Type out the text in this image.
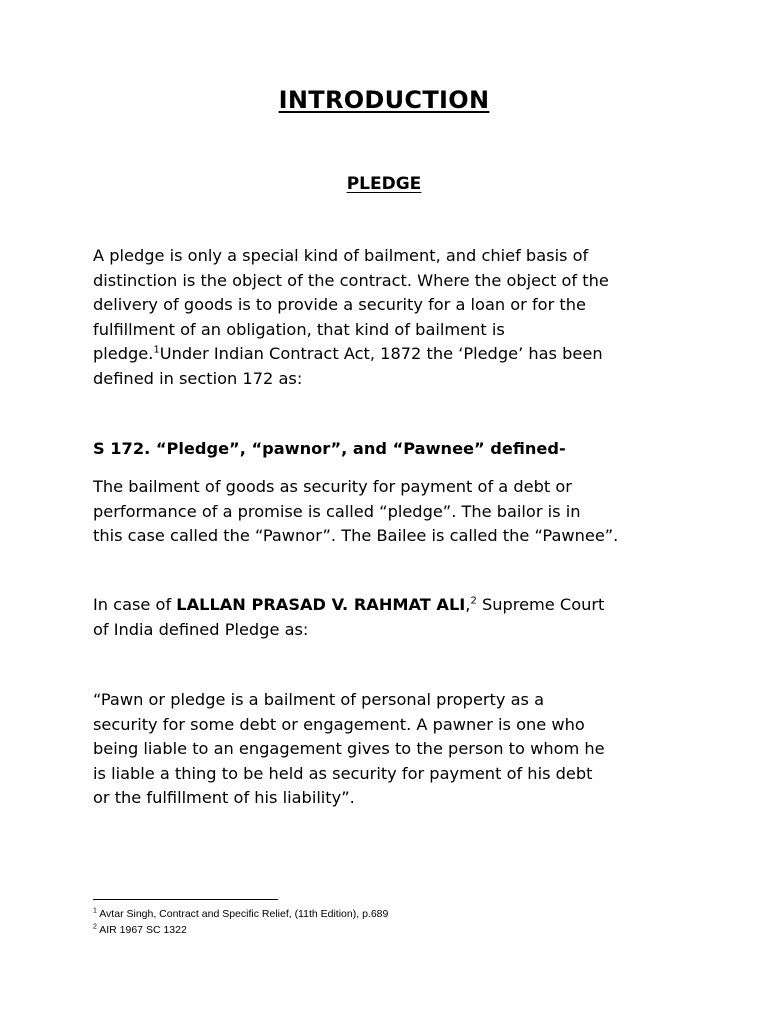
INTRODUCTION
PLEDGE

A pledge is only a special kind of bailment, and chief basis of
distinction is the object of the contract. Where the object of the
delivery of goods is to provide a security for a loan or for the
fulfillment of an obligation, that kind of bailment is
pledge.$^1$Under Indian Contract Act, 1872 the ‘Pledge’ has been
defined in section 172 as:

S 172. “Pledge”, “pawnor”, and “Pawnee” defined-

The bailment of goods as security for payment of a debt or
performance of a promise is called “pledge”. The bailor is in
this case called the “Pawnor”. The Bailee is called the “Pawnee”.

In case of LALLAN PRASAD V. RAHMAT ALI,$^2$ Supreme Court
of India defined Pledge as:

“Pawn or pledge is a bailment of personal property as a
security for some debt or engagement. A pawner is one who
being liable to an engagement gives to the person to whom he
is liable a thing to be held as security for payment of his debt
or the fulfillment of his liability”.

$^1$ Avtar Singh, Contract and Specific Relief, (11th Edition), p.689
$^2$ AIR 1967 SC 1322
